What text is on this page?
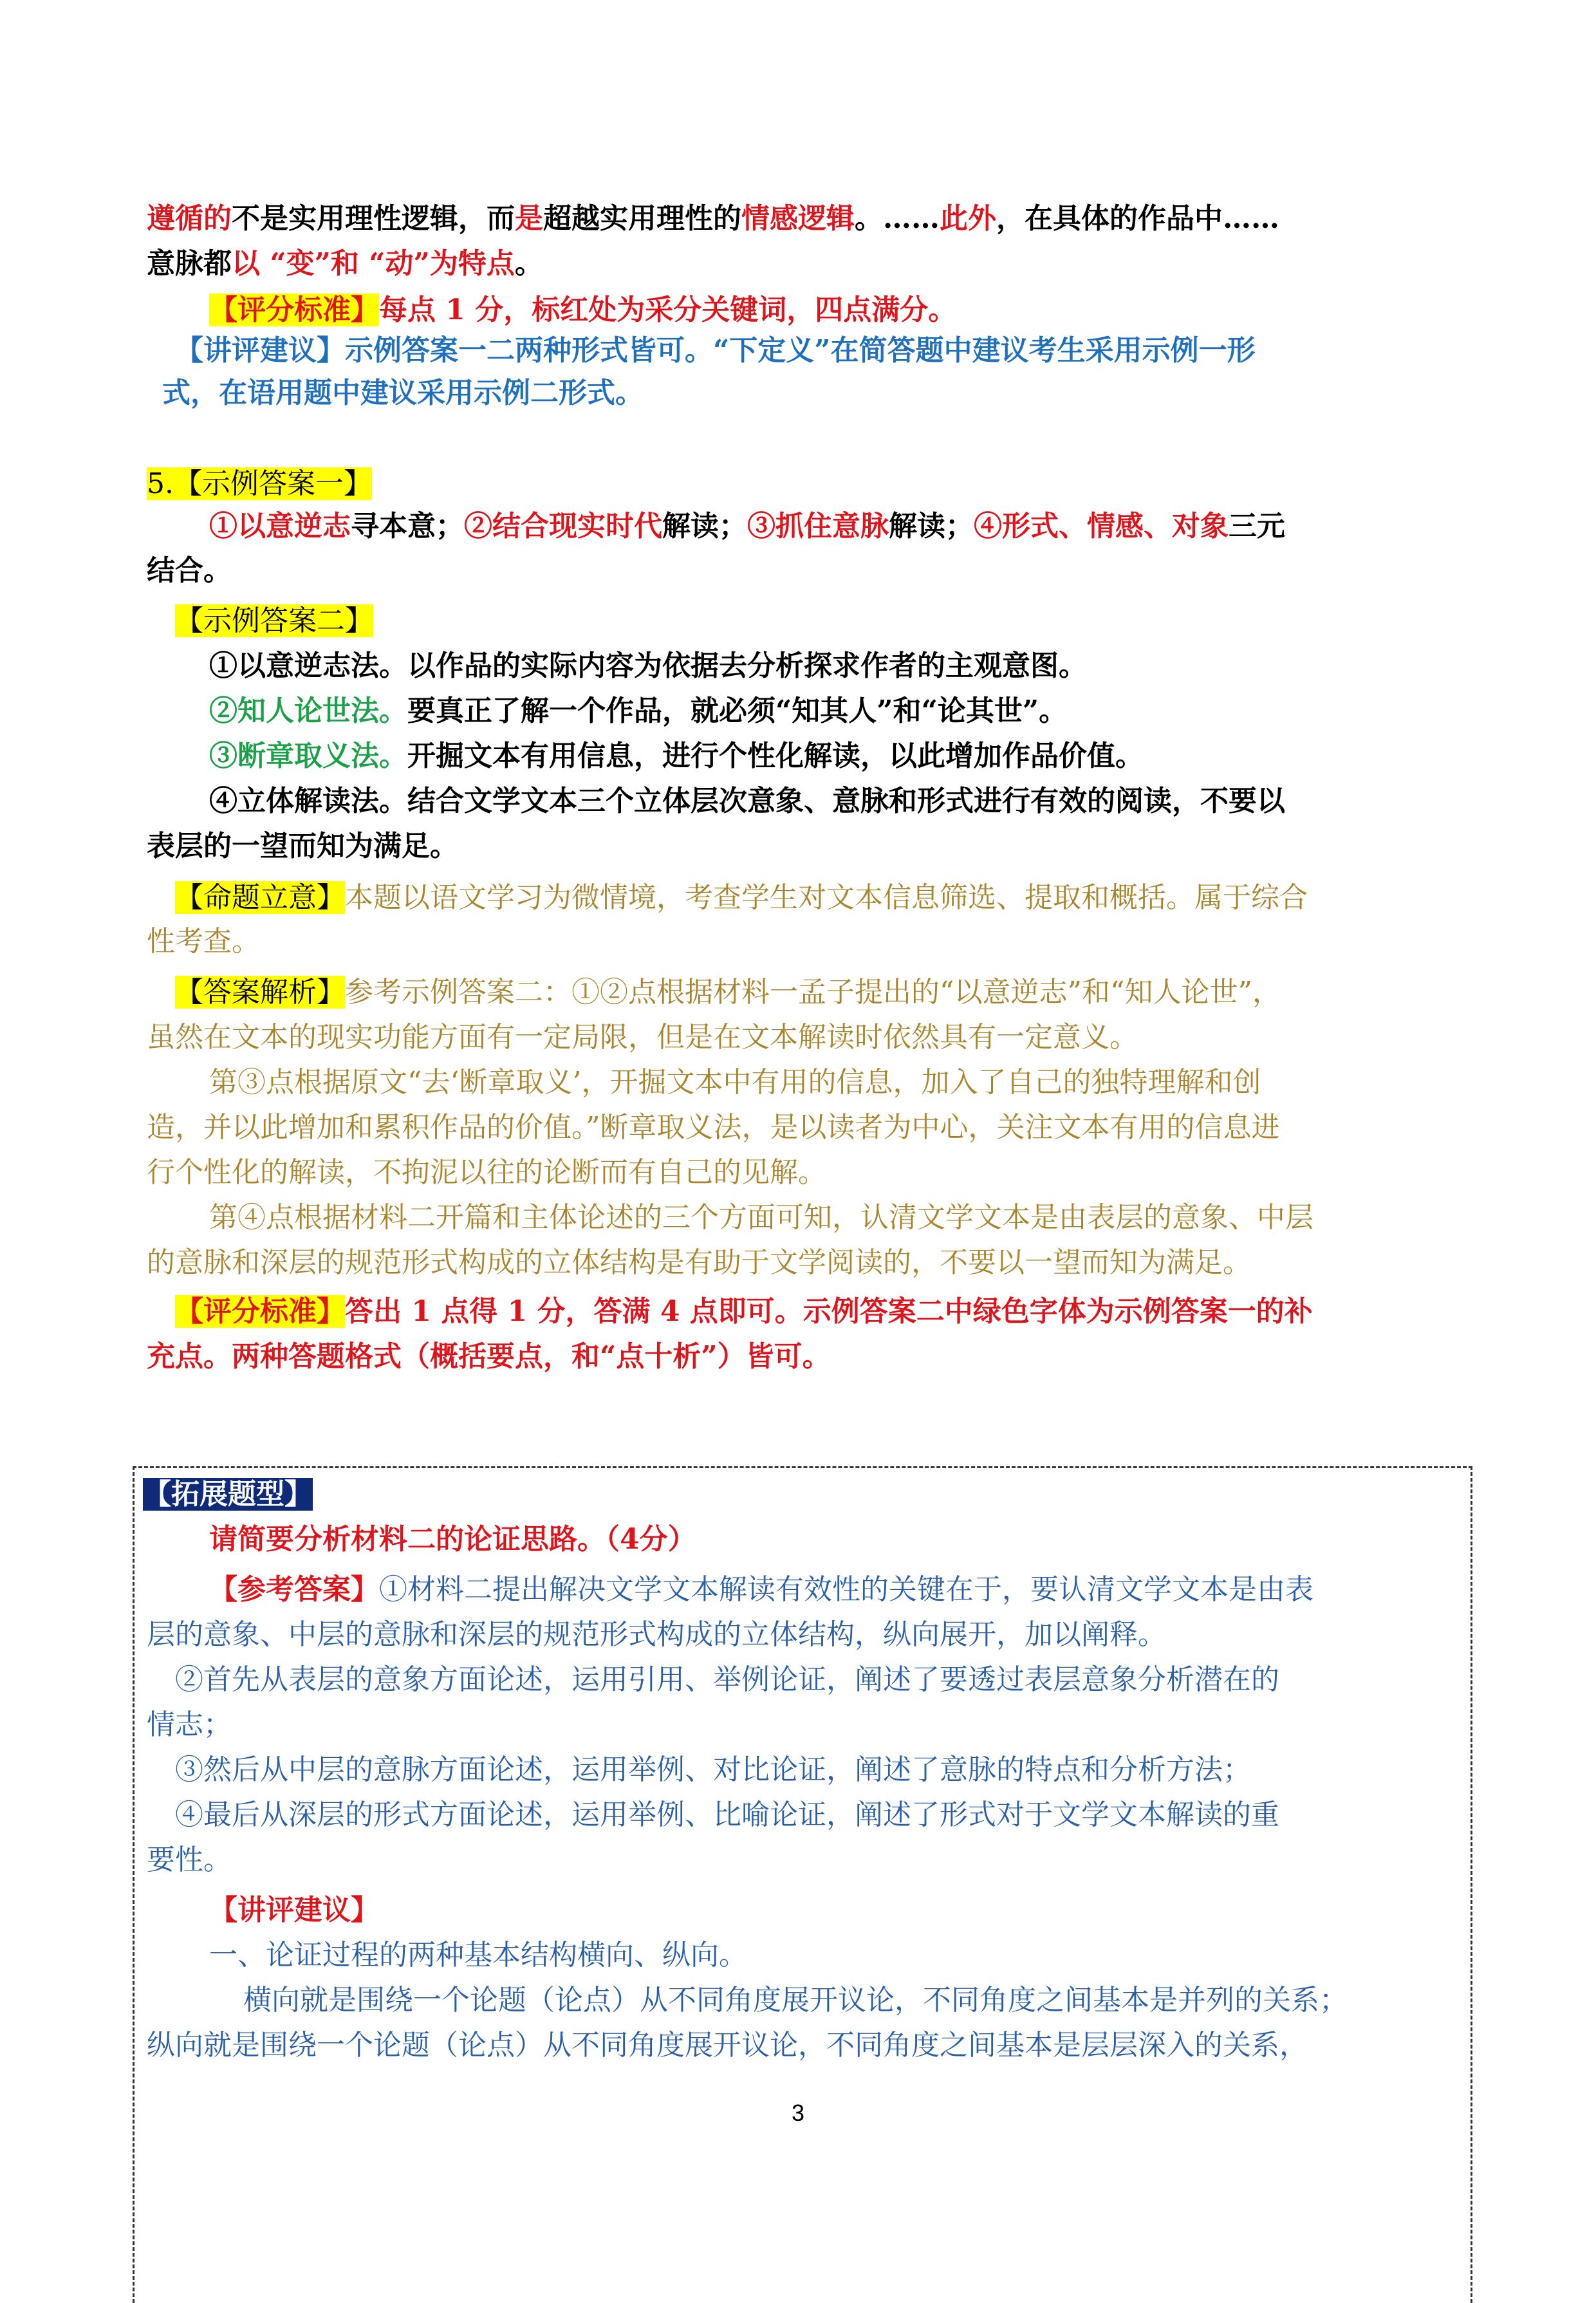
遵循的不是实用理性逻辑，而是超越实用理性的情感逻辑。……此外，在具体的作品中……
意脉都以 “变”和 “动”为特点。
【评分标准】每点 1 分，标红处为采分关键词，四点满分。
【讲评建议】示例答案一二两种形式皆可。“下定义”在简答题中建议考生采用示例一形
式，在语用题中建议采用示例二形式。
5.【示例答案一】
①以意逆志寻本意；②结合现实时代解读；③抓住意脉解读；④形式、情感、对象三元
结合。
【示例答案二】
①以意逆志法。以作品的实际内容为依据去分析探求作者的主观意图。
②知人论世法。要真正了解一个作品，就必须“知其人”和“论其世”。
③断章取义法。开掘文本有用信息，进行个性化解读，以此增加作品价值。
④立体解读法。结合文学文本三个立体层次意象、意脉和形式进行有效的阅读，不要以
表层的一望而知为满足。
【命题立意】本题以语文学习为微情境，考查学生对文本信息筛选、提取和概括。属于综合
性考查。
【答案解析】参考示例答案二：①②点根据材料一孟子提出的“以意逆志”和“知人论世”，
虽然在文本的现实功能方面有一定局限，但是在文本解读时依然具有一定意义。
第③点根据原文“去‘断章取义’，开掘文本中有用的信息，加入了自己的独特理解和创
造，并以此增加和累积作品的价值。”断章取义法，是以读者为中心，关注文本有用的信息进
行个性化的解读，不拘泥以往的论断而有自己的见解。
第④点根据材料二开篇和主体论述的三个方面可知，认清文学文本是由表层的意象、中层
的意脉和深层的规范形式构成的立体结构是有助于文学阅读的，不要以一望而知为满足。
【评分标准】答出 1 点得 1 分，答满 4 点即可。示例答案二中绿色字体为示例答案一的补
充点。两种答题格式（概括要点，和“点十析”）皆可。
【拓展题型】
请简要分析材料二的论证思路。（4分）
【参考答案】①材料二提出解决文学文本解读有效性的关键在于，要认清文学文本是由表
层的意象、中层的意脉和深层的规范形式构成的立体结构，纵向展开，加以阐释。
②首先从表层的意象方面论述，运用引用、举例论证，阐述了要透过表层意象分析潜在的
情志；
③然后从中层的意脉方面论述，运用举例、对比论证，阐述了意脉的特点和分析方法；
④最后从深层的形式方面论述，运用举例、比喻论证，阐述了形式对于文学文本解读的重
要性。
【讲评建议】
一、论证过程的两种基本结构横向、纵向。
横向就是围绕一个论题（论点）从不同角度展开议论，不同角度之间基本是并列的关系；
纵向就是围绕一个论题（论点）从不同角度展开议论，不同角度之间基本是层层深入的关系，
3
